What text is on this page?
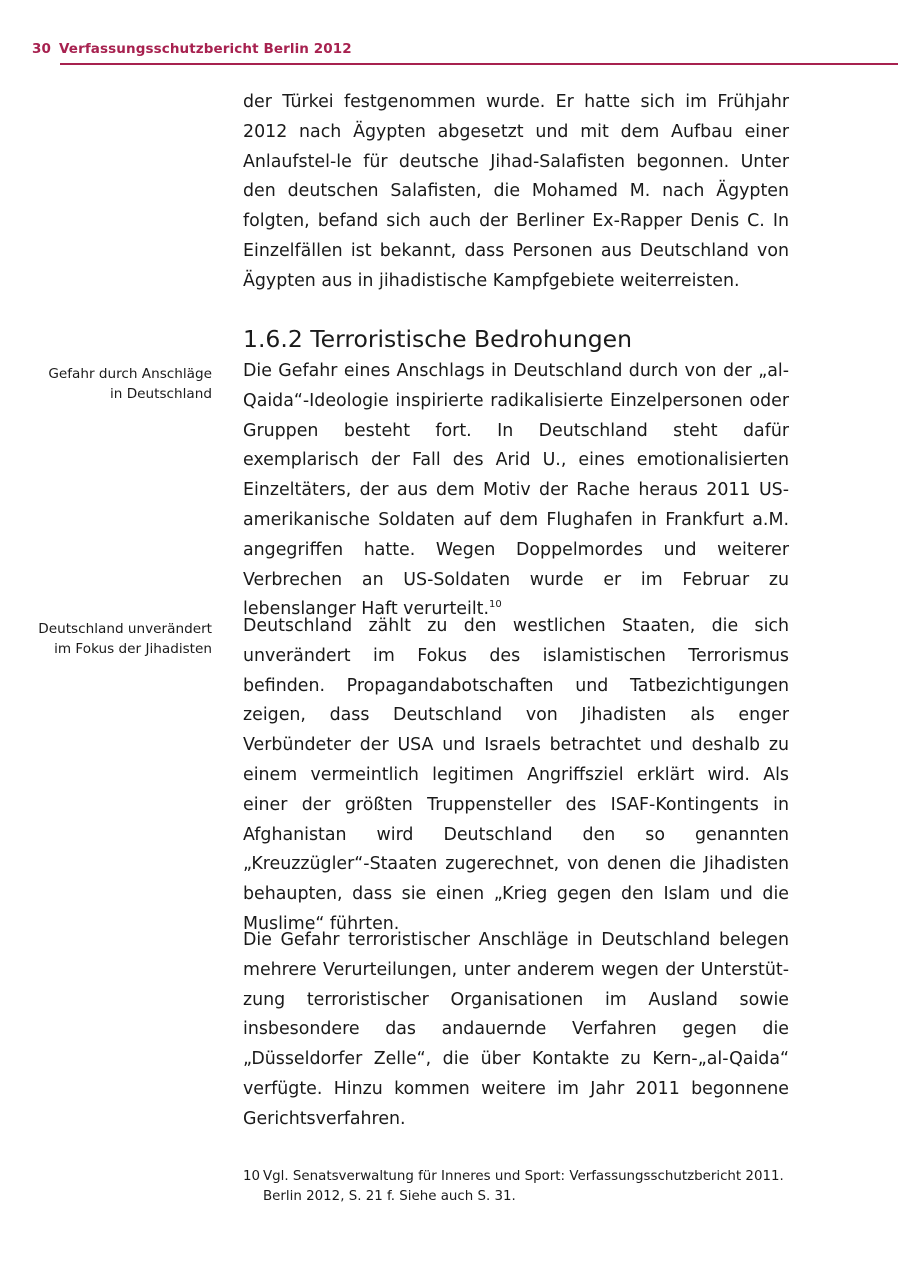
30 Verfassungsschutzbericht Berlin 2012

der Türkei festgenommen wurde. Er hatte sich im Frühjahr 2012 nach Ägypten abgesetzt und mit dem Aufbau einer Anlaufstel-le für deutsche Jihad-Salafisten begonnen. Unter den deutschen Salafisten, die Mohamed M. nach Ägypten folgten, befand sich auch der Berliner Ex-Rapper Denis C. In Einzelfällen ist bekannt, dass Personen aus Deutschland von Ägypten aus in jihadistische Kampfgebiete weiterreisten.

1.6.2 Terroristische Bedrohungen
Gefahr durch Anschläge in Deutschland

Die Gefahr eines Anschlags in Deutschland durch von der „al-Qaida“-Ideologie inspirierte radikalisierte Einzelpersonen oder Gruppen besteht fort. In Deutschland steht dafür exemplarisch der Fall des Arid U., eines emotionalisierten Einzeltäters, der aus dem Motiv der Rache heraus 2011 US-amerikanische Soldaten auf dem Flughafen in Frankfurt a.M. angegriffen hatte. Wegen Doppelmordes und weiterer Verbrechen an US-Soldaten wurde er im Februar zu lebenslanger Haft verurteilt.$^{10}$

Deutschland unverändert im Fokus der Jihadisten

Deutschland zählt zu den westlichen Staaten, die sich unverändert im Fokus des islamistischen Terrorismus befinden. Propagandabotschaften und Tatbezichtigungen zeigen, dass Deutschland von Jihadisten als enger Verbündeter der USA und Israels betrachtet und deshalb zu einem vermeintlich legitimen Angriffsziel erklärt wird. Als einer der größten Truppensteller des ISAF-Kontingents in Afghanistan wird Deutschland den so genannten „Kreuzzügler“-Staaten zugerechnet, von denen die Jihadisten behaupten, dass sie einen „Krieg gegen den Islam und die Muslime“ führten.

Die Gefahr terroristischer Anschläge in Deutschland belegen mehrere Verurteilungen, unter anderem wegen der Unterstützung terroristischer Organisationen im Ausland sowie insbesondere das andauernde Verfahren gegen die „Düsseldorfer Zelle“, die über Kontakte zu Kern-„al-Qaida“ verfügte. Hinzu kommen weitere im Jahr 2011 begonnene Gerichtsverfahren.

10 Vgl. Senatsverwaltung für Inneres und Sport: Verfassungsschutzbericht 2011.
Berlin 2012, S. 21 f. Siehe auch S. 31.
